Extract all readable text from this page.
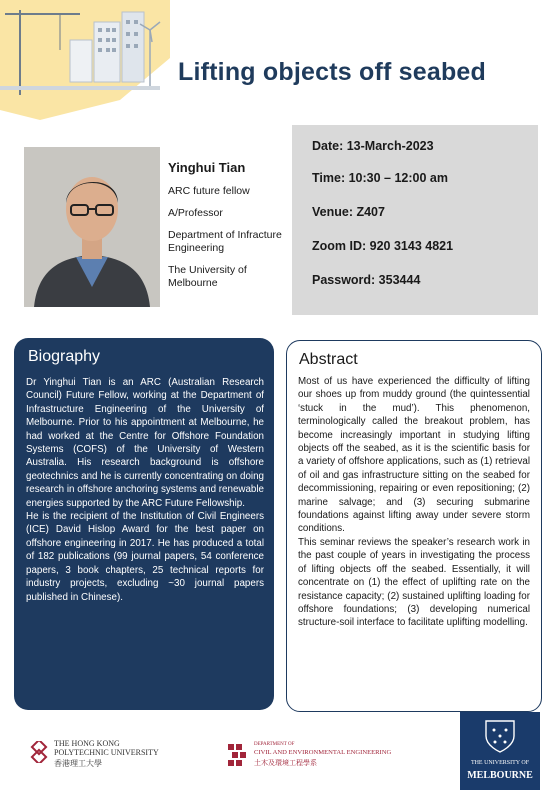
Lifting objects off seabed
Yinghui Tian
ARC future fellow
A/Professor
Department of Infracture Engineering
The University of Melbourne
Date: 13-March-2023
Time: 10:30 – 12:00 am
Venue: Z407
Zoom ID: 920 3143 4821
Password: 353444
Biography
Dr Yinghui Tian is an ARC (Australian Research Council) Future Fellow, working at the Department of Infrastructure Engineering of the University of Melbourne. Prior to his appointment at Melbourne, he had worked at the Centre for Offshore Foundation Systems (COFS) of the University of Western Australia. His research background is offshore geotechnics and he is currently concentrating on doing research in offshore anchoring systems and renewable energies supported by the ARC Future Fellowship.
He is the recipient of the Institution of Civil Engineers (ICE) David Hislop Award for the best paper on offshore engineering in 2017. He has produced a total of 182 publications (99 journal papers, 54 conference papers, 3 book chapters, 25 technical reports for industry projects, excluding ~30 journal papers published in Chinese).
Abstract

Most of us have experienced the difficulty of lifting our shoes up from muddy ground (the quintessential ‘stuck in the mud’). This phenomenon, terminologically called the breakout problem, has become increasingly important in studying lifting objects off the seabed, as it is the scientific basis for a variety of offshore applications, such as (1) retrieval of oil and gas infrastructure sitting on the seabed for decommissioning, repairing or even repositioning; (2) marine salvage; and (3) securing submarine foundations against lifting away under severe storm conditions.

This seminar reviews the speaker’s research work in the past couple of years in investigating the process of lifting objects off the seabed. Essentially, it will concentrate on (1) the effect of uplifting rate on the resistance capacity; (2) sustained uplifting loading for offshore foundations; (3) developing numerical structure-soil interface to facilitate uplifting modelling.

THE HONG KONG
POLYTECHNIC UNIVERSITY
香港理工大學
DEPARTMENT OF
CIVIL AND ENVIRONMENTAL ENGINEERING
土木及環境工程學系	THE UNIVERSITY OF
MELBOURNE
